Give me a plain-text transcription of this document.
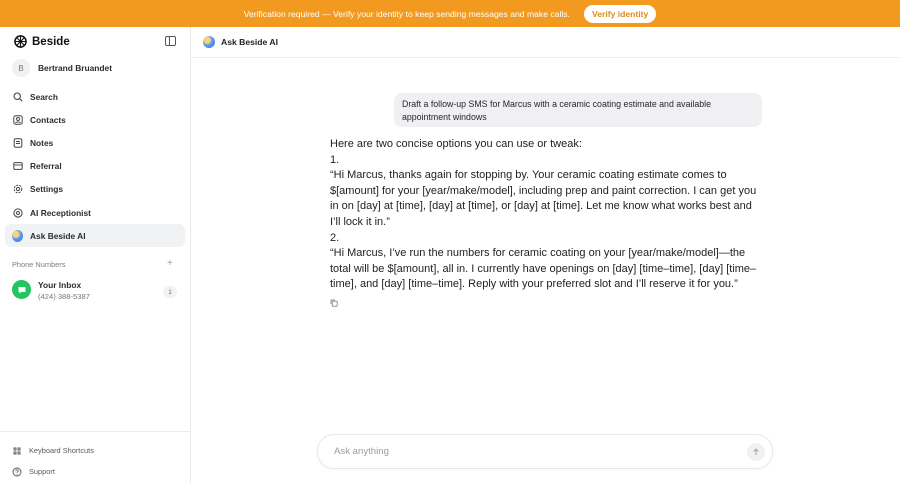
Verification required — Verify your identity to keep sending messages and make calls.	Verify identity
Beside
B	Bertrand Bruandet
Search
Contacts
Notes
Referral
Settings
AI Receptionist
Ask Beside AI
Phone Numbers	+
Your Inbox
(424) 388-5387	1
Keyboard Shortcuts
Support
Ask Beside AI
Draft a follow-up SMS for Marcus with a ceramic coating estimate and available appointment windows
Here are two concise options you can use or tweak:
1.
“Hi Marcus, thanks again for stopping by. Your ceramic coating estimate comes to $[amount] for your [year/make/model], including prep and paint correction. I can get you in on [day] at [time], [day] at [time], or [day] at [time]. Let me know what works best and I’ll lock it in.”
2.
“Hi Marcus, I’ve run the numbers for ceramic coating on your [year/make/model]—the total will be $[amount], all in. I currently have openings on [day] [time–time], [day] [time–time], and [day] [time–time]. Reply with your preferred slot and I’ll reserve it for you.”
Ask anything
